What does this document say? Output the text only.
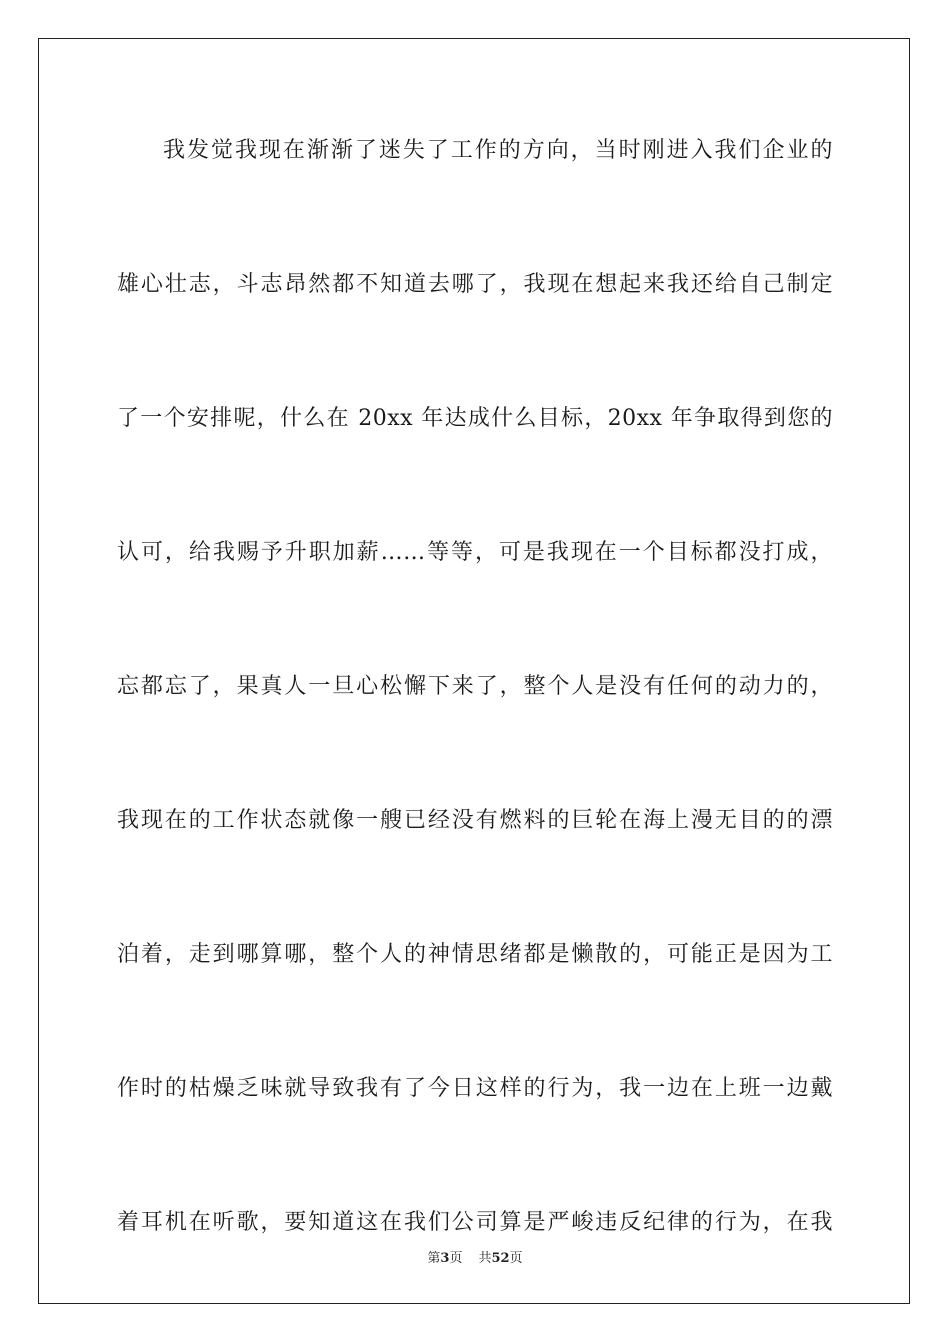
我发觉我现在渐渐了迷失了工作的方向，当时刚进入我们企业的
雄心壮志，斗志昂然都不知道去哪了，我现在想起来我还给自己制定
了一个安排呢，什么在 20xx 年达成什么目标，20xx 年争取得到您的
认可，给我赐予升职加薪……等等，可是我现在一个目标都没打成，
忘都忘了，果真人一旦心松懈下来了，整个人是没有任何的动力的，
我现在的工作状态就像一艘已经没有燃料的巨轮在海上漫无目的的漂
泊着，走到哪算哪，整个人的神情思绪都是懒散的，可能正是因为工
作时的枯燥乏味就导致我有了今日这样的行为，我一边在上班一边戴
着耳机在听歌，要知道这在我们公司算是严峻违反纪律的行为，在我
第3页 共52页
